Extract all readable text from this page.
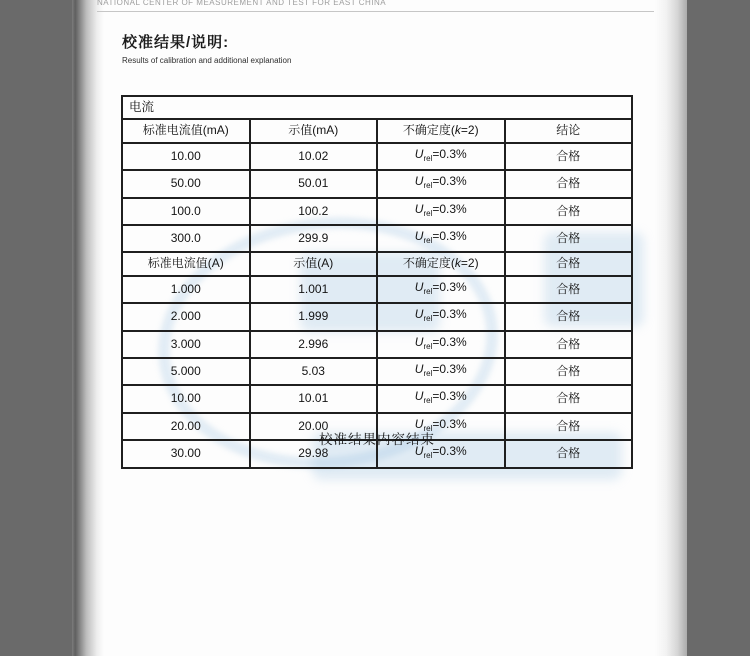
NATIONAL CENTER OF MEASUREMENT AND TEST FOR EAST CHINA
校准结果/说明:
Results of calibration and additional explanation
电流			
标准电流值(mA)	示值(mA)	不确定度(k=2)	结论
10.00	10.02	$U_{rel}=0.3\%$	合格
50.00	50.01	$U_{rel}=0.3\%$	合格
100.0	100.2	$U_{rel}=0.3\%$	合格
300.0	299.9	$U_{rel}=0.3\%$	合格
标准电流值(A)	示值(A)	不确定度(k=2)	合格
1.000	1.001	$U_{rel}=0.3\%$	合格
2.000	1.999	$U_{rel}=0.3\%$	合格
3.000	2.996	$U_{rel}=0.3\%$	合格
5.000	5.03	$U_{rel}=0.3\%$	合格
10.00	10.01	$U_{rel}=0.3\%$	合格
20.00	20.00	$U_{rel}=0.3\%$	合格
30.00	29.98	$U_{rel}=0.3\%$	合格
校准结果内容结束
